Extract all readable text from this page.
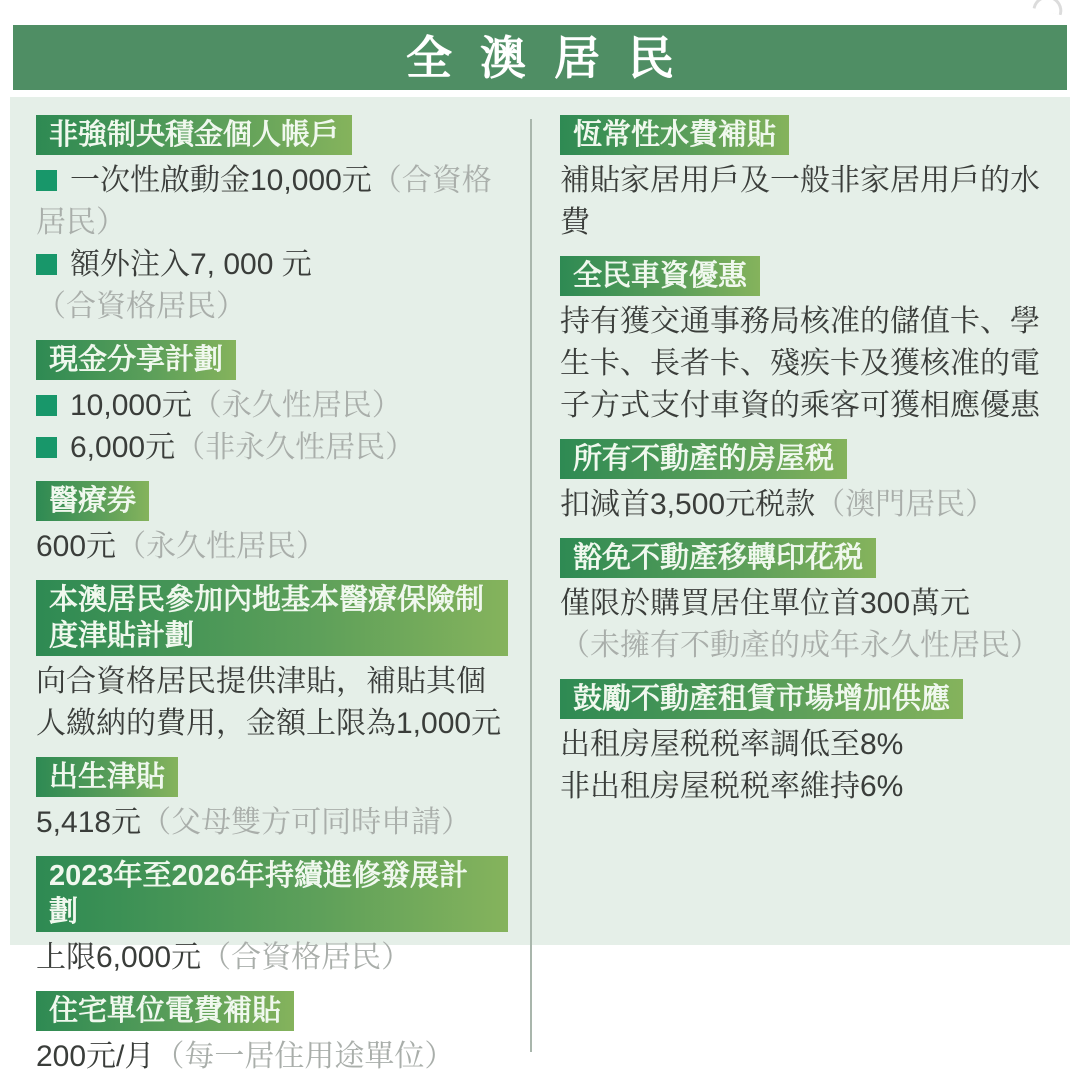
全澳居民
非強制央積金個人帳戶
一次性啟動金10,000元（合資格居民）
額外注入7, 000 元（合資格居民）
現金分享計劃
10,000元（永久性居民）
6,000元（非永久性居民）
醫療券
600元（永久性居民）
本澳居民參加內地基本醫療保險制度津貼計劃
向合資格居民提供津貼，補貼其個人繳納的費用，金額上限為1,000元
出生津貼
5,418元（父母雙方可同時申請）
2023年至2026年持續進修發展計劃
上限6,000元（合資格居民）
住宅單位電費補貼
200元/月（每一居住用途單位）
恆常性水費補貼
補貼家居用戶及一般非家居用戶的水費
全民車資優惠
持有獲交通事務局核准的儲值卡、學生卡、長者卡、殘疾卡及獲核准的電子方式支付車資的乘客可獲相應優惠
所有不動產的房屋税
扣減首3,500元税款（澳門居民）
豁免不動產移轉印花税
僅限於購買居住單位首300萬元
（未擁有不動產的成年永久性居民）
鼓勵不動產租賃市場增加供應
出租房屋税税率調低至8%
非出租房屋税税率維持6%
